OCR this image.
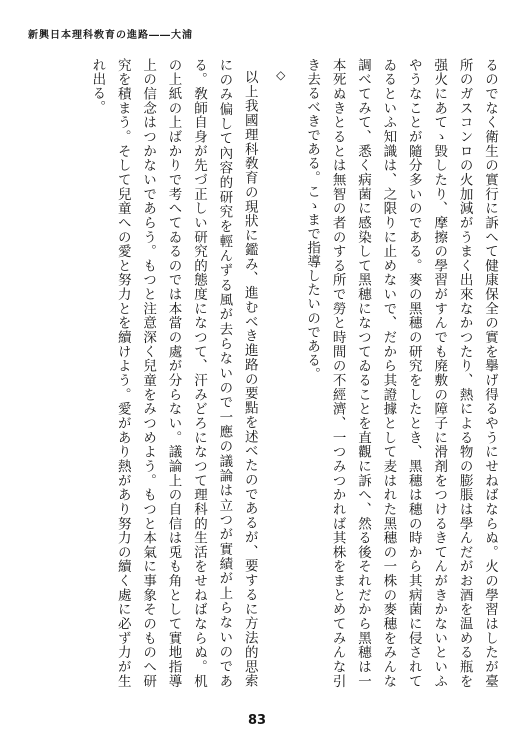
新興日本理科敎育の進路――大浦

るのでなく衛生の實行に訴へて健康保全の實を擧げ得るやうにせねばならぬ。火の學習はしたが臺所のガスコンロの火加減がうまく出來なかつたり、熱による物の膨脹は學んだがお酒を温める瓶を强火にあてゝ毀したり、摩擦の學習がすんでも廃敷の障子に滑剤をつけるきてんがきかないといふやうなことが隨分多いのである。麥の黑穗の研究をしたとき、黑穗は穗の時から其病菌に侵されてゐるといふ知識は、之限りに止めないで、だから其證據として麦はれた黑穗の一株の麥穗をみんな調べてみて、悉く病菌に感染して黑穗になつてゐることを直觀に訴へ、然る後それだから黑穗は一本死ぬきとるとは無智の者のする所で勞と時間の不經濟、一つみつかれば其株をまとめてみんな引き去るべきである。こゝまで指導したいのである。

◇

以上我國理科敎育の現狀に鑑み、進むべき進路の要點を述べたのであるが、要するに方法的思索にのみ偏して內容的研究を輕んずる風が去らないので一應の議論は立つが實績が上らないのである。敎師自身が先づ正しい研究的態度になつて、汗みどろになつて理科的生活をせねばならぬ。机の上紙の上ばかりで考へてゐるのでは本當の處が分らない。議論上の自信は兎も角として實地指導上の信念はつかないであらう。もつと注意深く兒童をみつめよう。もつと本氣に事象そのものへ研究を積まう。そして兒童への愛と努力とを續けよう。愛があり熱があり努力の續く處に必ず力が生れ出る。

83
